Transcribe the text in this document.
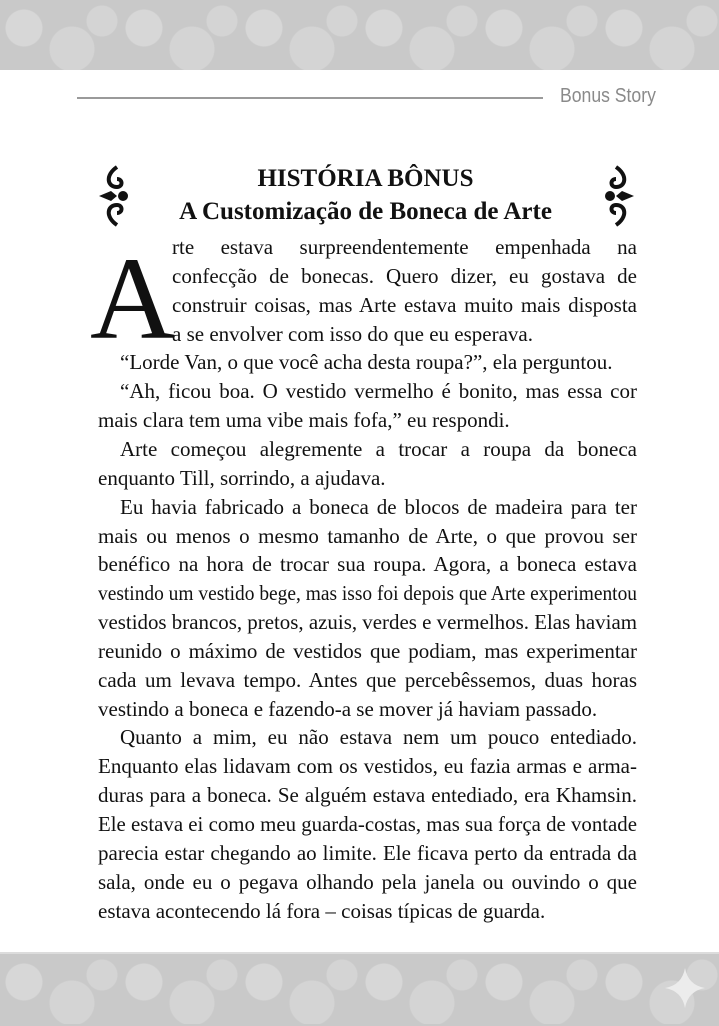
Bonus Story
HISTÓRIA BÔNUS
A Customização de Boneca de Arte
A
rte estava surpreendentemente empenhada na
confecção de bonecas. Quero dizer, eu gostava de
construir coisas, mas Arte estava muito mais disposta
a se envolver com isso do que eu esperava.
“Lorde Van, o que você acha desta roupa?”, ela perguntou.
“Ah, ficou boa. O vestido vermelho é bonito, mas essa cor
mais clara tem uma vibe mais fofa,” eu respondi.
Arte começou alegremente a trocar a roupa da boneca
enquanto Till, sorrindo, a ajudava.
Eu havia fabricado a boneca de blocos de madeira para ter
mais ou menos o mesmo tamanho de Arte, o que provou ser
benéfico na hora de trocar sua roupa. Agora, a boneca estava
vestindo um vestido bege, mas isso foi depois que Arte experimentou
vestidos brancos, pretos, azuis, verdes e vermelhos. Elas haviam
reunido o máximo de vestidos que podiam, mas experimentar
cada um levava tempo. Antes que percebêssemos, duas horas
vestindo a boneca e fazendo-a se mover já haviam passado.
Quanto a mim, eu não estava nem um pouco entediado.
Enquanto elas lidavam com os vestidos, eu fazia armas e arma-
duras para a boneca. Se alguém estava entediado, era Khamsin.
Ele estava ei como meu guarda-costas, mas sua força de vontade
parecia estar chegando ao limite. Ele ficava perto da entrada da
sala, onde eu o pegava olhando pela janela ou ouvindo o que
estava acontecendo lá fora – coisas típicas de guarda.
